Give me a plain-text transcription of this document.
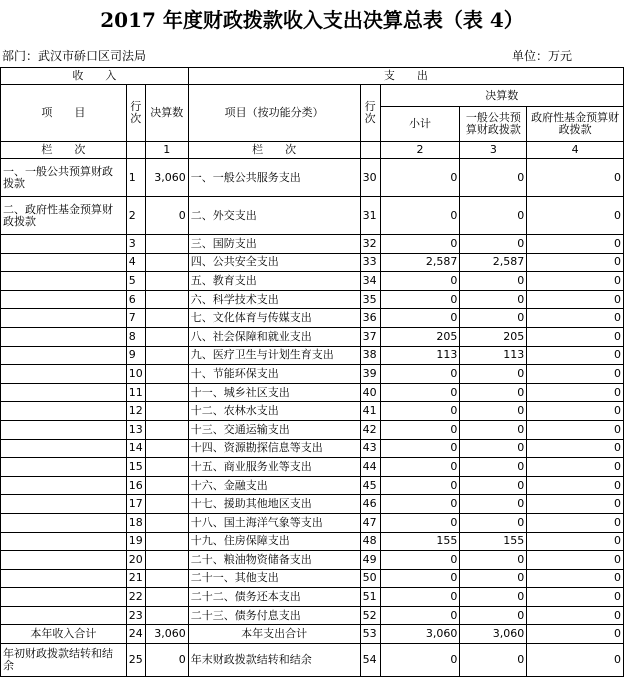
2017 年度财政拨款收入支出决算总表（表 4）
部门：武汉市硚口区司法局	单位：万元
收　　入			支　　出				
项　　目	行次	决算数	项目（按功能分类）	行次	决算数		
					小计	一般公共预算财政拨款	政府性基金预算财政拨款
栏　　次		1	栏　　次		2	3	4
一、一般公共预算财政拨款	1	3,060	一、一般公共服务支出	30	0	0	0
二、政府性基金预算财政拨款	2	0	二、外交支出	31	0	0	0
	3		三、国防支出	32	0	0	0
	4		四、公共安全支出	33	2,587	2,587	0
	5		五、教育支出	34	0	0	0
	6		六、科学技术支出	35	0	0	0
	7		七、文化体育与传媒支出	36	0	0	0
	8		八、社会保障和就业支出	37	205	205	0
	9		九、医疗卫生与计划生育支出	38	113	113	0
	10		十、节能环保支出	39	0	0	0
	11		十一、城乡社区支出	40	0	0	0
	12		十二、农林水支出	41	0	0	0
	13		十三、交通运输支出	42	0	0	0
	14		十四、资源勘探信息等支出	43	0	0	0
	15		十五、商业服务业等支出	44	0	0	0
	16		十六、金融支出	45	0	0	0
	17		十七、援助其他地区支出	46	0	0	0
	18		十八、国土海洋气象等支出	47	0	0	0
	19		十九、住房保障支出	48	155	155	0
	20		二十、粮油物资储备支出	49	0	0	0
	21		二十一、其他支出	50	0	0	0
	22		二十二、债务还本支出	51	0	0	0
	23		二十三、债务付息支出	52	0	0	0
本年收入合计	24	3,060	本年支出合计	53	3,060	3,060	0
年初财政拨款结转和结余	25	0	年末财政拨款结转和结余	54	0	0	0
